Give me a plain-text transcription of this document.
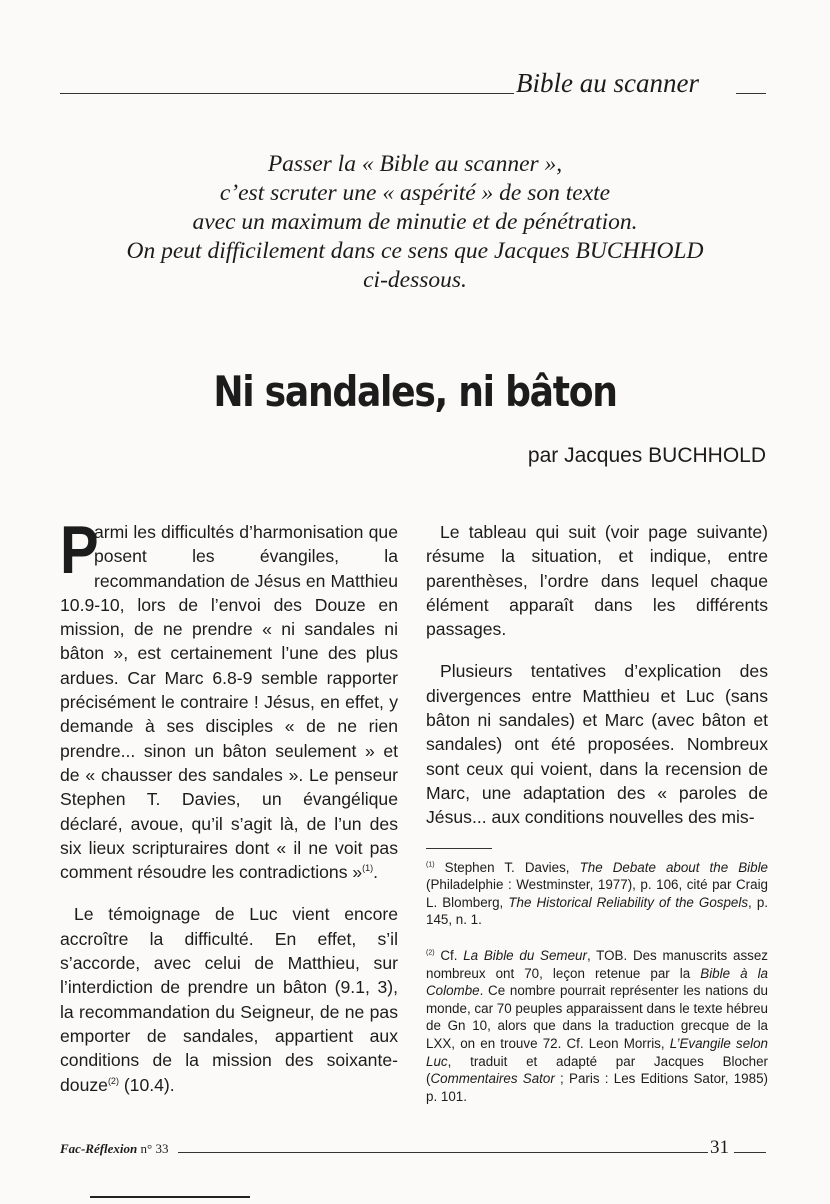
Bible au scanner
Passer la « Bible au scanner »,
c’est scruter une « aspérité » de son texte
avec un maximum de minutie et de pénétration.
On peut difficilement dans ce sens que Jacques BUCHHOLD
ci-dessous.
Ni sandales, ni bâton
par Jacques BUCHHOLD

P
armi les difficultés d’harmonisation que posent les évangiles, la recommandation de Jésus en Matthieu 10.9-10, lors de l’envoi des Douze en mission, de ne prendre « ni sandales ni bâton », est certainement l’une des plus ardues. Car Marc 6.8-9 semble rapporter précisément le contraire ! Jésus, en effet, y demande à ses disciples « de ne rien prendre... sinon un bâton seulement » et de « chausser des sandales ». Le penseur Stephen T. Davies, un évangélique déclaré, avoue, qu’il s’agit là, de l’un des six lieux scripturaires dont « il ne voit pas comment résoudre les contradictions »$^{(1)}$.

Le témoignage de Luc vient encore accroître la difficulté. En effet, s’il s’accorde, avec celui de Matthieu, sur l’interdiction de prendre un bâton (9.1, 3), la recommandation du Seigneur, de ne pas emporter de sandales, appartient aux conditions de la mission des soixante-douze$^{(2)}$ (10.4).

Le tableau qui suit (voir page suivante) résume la situation, et indique, entre parenthèses, l’ordre dans lequel chaque élément apparaît dans les différents passages.

Plusieurs tentatives d’explication des divergences entre Matthieu et Luc (sans bâton ni sandales) et Marc (avec bâton et sandales) ont été proposées. Nombreux sont ceux qui voient, dans la recension de Marc, une adaptation des « paroles de Jésus... aux conditions nouvelles des mis-

$^{(1)}$ Stephen T. Davies, The Debate about the Bible (Philadelphie : Westminster, 1977), p. 106, cité par Craig L. Blomberg, The Historical Reliability of the Gospels, p. 145, n. 1.

$^{(2)}$ Cf. La Bible du Semeur, TOB. Des manuscrits assez nombreux ont 70, leçon retenue par la Bible à la Colombe. Ce nombre pourrait représenter les nations du monde, car 70 peuples apparaissent dans le texte hébreu de Gn 10, alors que dans la traduction grecque de la LXX, on en trouve 72. Cf. Leon Morris, L’Evangile selon Luc, traduit et adapté par Jacques Blocher (Commentaires Sator ; Paris : Les Editions Sator, 1985) p. 101.

Fac-Réflexion n° 33	31
